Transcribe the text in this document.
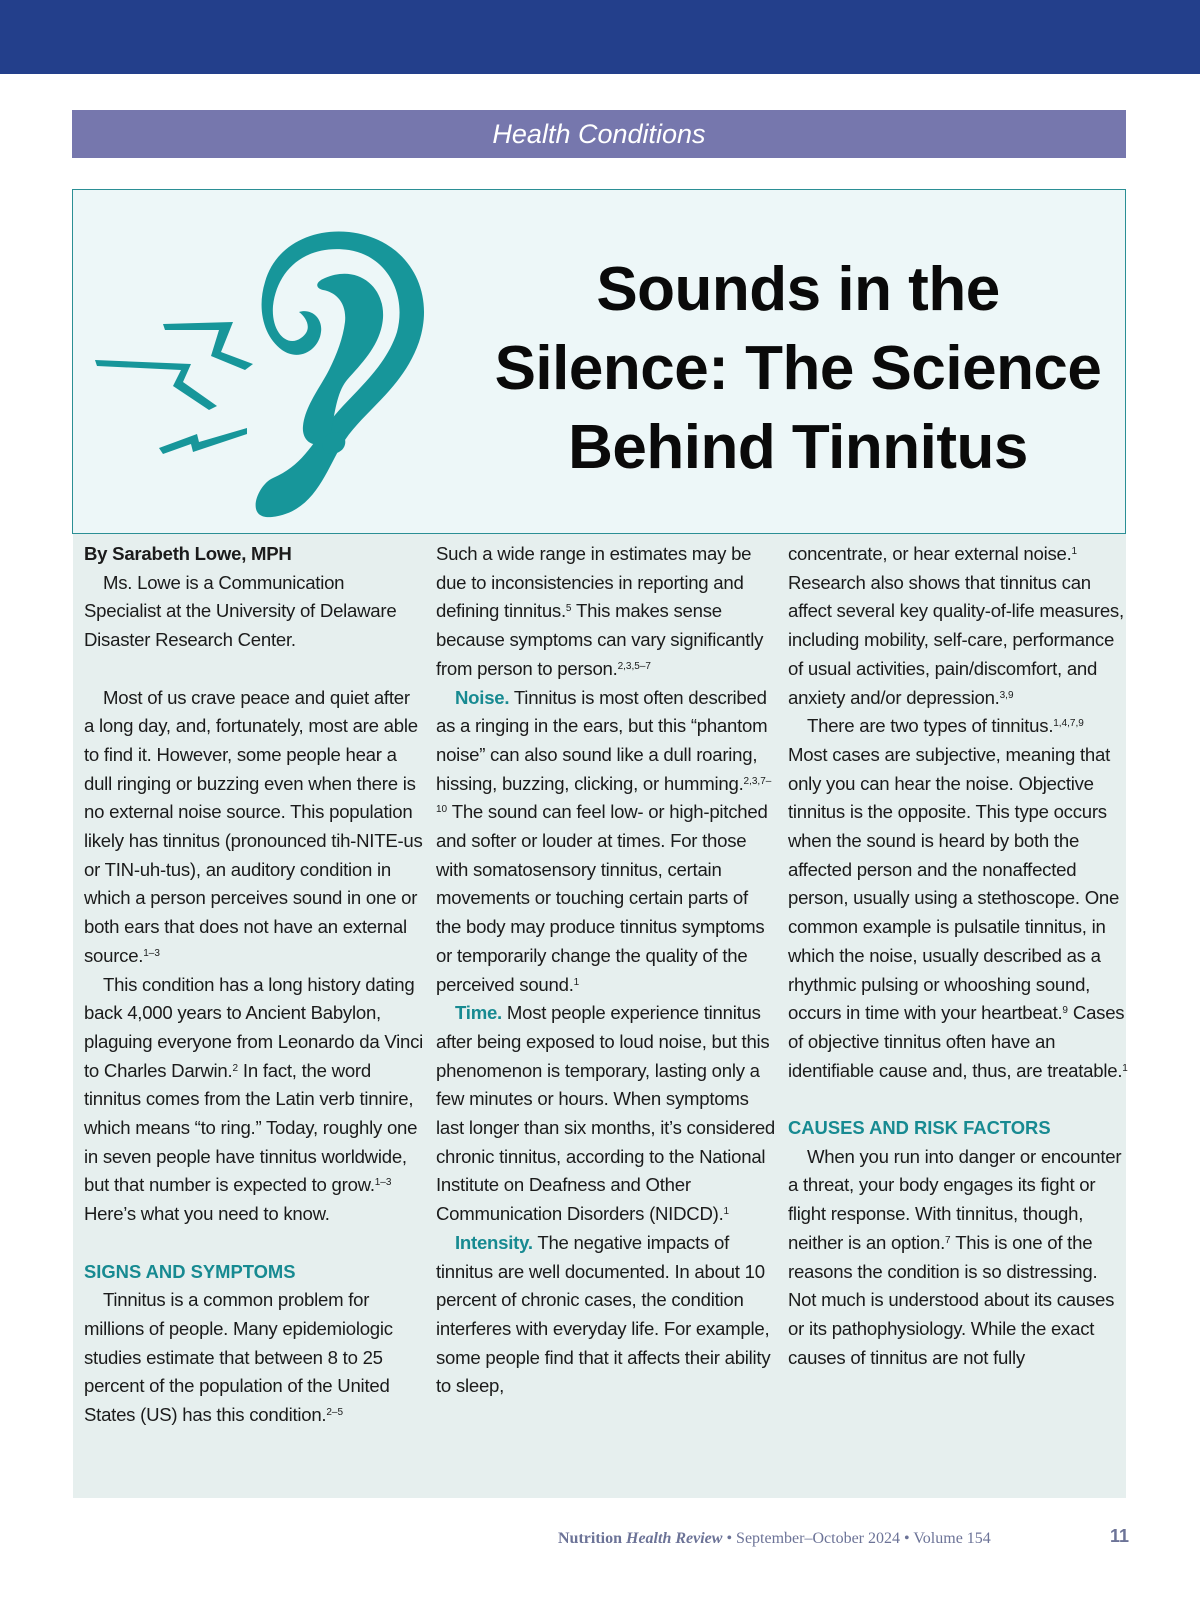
Health Conditions
Sounds in the
Silence: The Science
Behind Tinnitus

By Sarabeth Lowe, MPH

Ms. Lowe is a Communication Specialist at the University of Delaware Disaster Research Center.

Most of us crave peace and quiet after a long day, and, fortunately, most are able to find it. However, some people hear a dull ringing or buzzing even when there is no external noise source. This population likely has tinnitus (pronounced tih-NITE-us or TIN-uh-tus), an auditory condition in which a person perceives sound in one or both ears that does not have an external source.$^{1-3}$

This condition has a long history dating back 4,000 years to Ancient Babylon, plaguing everyone from Leonardo da Vinci to Charles Darwin.$^2$ In fact, the word tinnitus comes from the Latin verb tinnire, which means “to ring.” Today, roughly one in seven people have tinnitus worldwide, but that number is expected to grow.$^{1-3}$ Here’s what you need to know.

SIGNS AND SYMPTOMS

Tinnitus is a common problem for millions of people. Many epidemiologic studies estimate that between 8 to 25 percent of the population of the United States (US) has this condition.$^{2-5}$

Such a wide range in estimates may be due to inconsistencies in reporting and defining tinnitus.$^5$ This makes sense because symptoms can vary significantly from person to person.$^{2,3,5-7}$

Noise. Tinnitus is most often described as a ringing in the ears, but this “phantom noise” can also sound like a dull roaring, hissing, buzzing, clicking, or humming.$^{2,3,7-10}$ The sound can feel low- or high-pitched and softer or louder at times. For those with somatosensory tinnitus, certain movements or touching certain parts of the body may produce tinnitus symptoms or temporarily change the quality of the perceived sound.$^1$

Time. Most people experience tinnitus after being exposed to loud noise, but this phenomenon is temporary, lasting only a few minutes or hours. When symptoms last longer than six months, it’s considered chronic tinnitus, according to the National Institute on Deafness and Other Communication Disorders (NIDCD).$^1$

Intensity. The negative impacts of tinnitus are well documented. In about 10 percent of chronic cases, the condition interferes with everyday life. For example, some people find that it affects their ability to sleep,

concentrate, or hear external noise.$^1$ Research also shows that tinnitus can affect several key quality-of-life measures, including mobility, self-care, performance of usual activities, pain/discomfort, and anxiety and/or depression.$^{3,9}$

There are two types of tinnitus.$^{1,4,7,9}$ Most cases are subjective, meaning that only you can hear the noise. Objective tinnitus is the opposite. This type occurs when the sound is heard by both the affected person and the nonaffected person, usually using a stethoscope. One common example is pulsatile tinnitus, in which the noise, usually described as a rhythmic pulsing or whooshing sound, occurs in time with your heartbeat.$^9$ Cases of objective tinnitus often have an identifiable cause and, thus, are treatable.$^1$

CAUSES AND RISK FACTORS

When you run into danger or encounter a threat, your body engages its fight or flight response. With tinnitus, though, neither is an option.$^7$ This is one of the reasons the condition is so distressing. Not much is understood about its causes or its pathophysiology. While the exact causes of tinnitus are not fully

Nutrition Health Review • September–October 2024 • Volume 154	11
